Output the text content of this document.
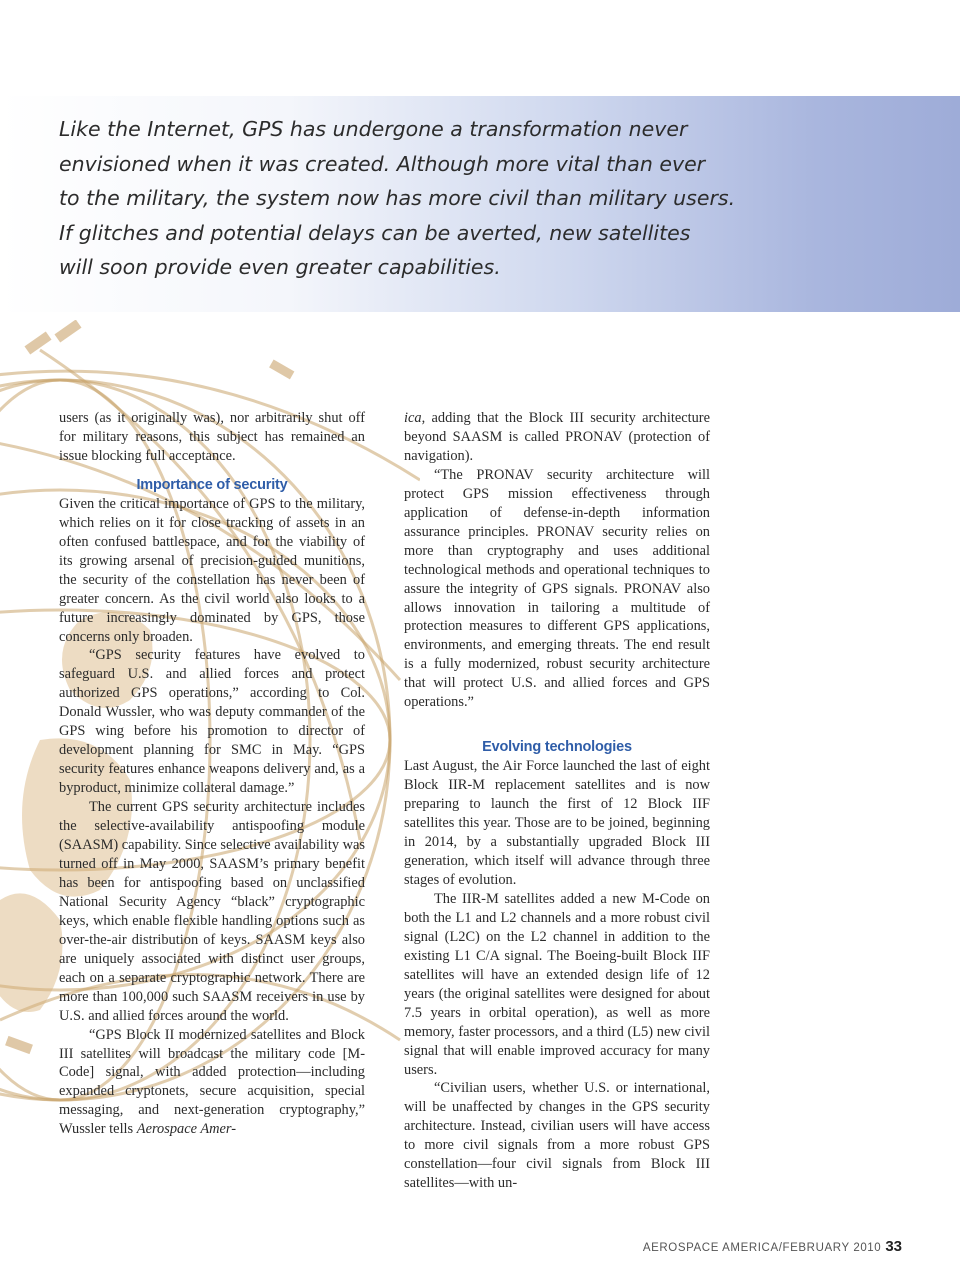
Like the Internet, GPS has undergone a transformation never
envisioned when it was created. Although more vital than ever
to the military, the system now has more civil than military users.
If glitches and potential delays can be averted, new satellites
will soon provide even greater capabilities.

users (as it originally was), nor arbitrarily shut off for military reasons, this subject has remained an issue blocking full acceptance.

Importance of security

Given the critical importance of GPS to the military, which relies on it for close tracking of assets in an often confused battlespace, and for the viability of its growing arsenal of precision-guided munitions, the security of the constellation has never been of greater concern. As the civil world also looks to a future increasingly dominated by GPS, those concerns only broaden.

“GPS security features have evolved to safeguard U.S. and allied forces and protect authorized GPS operations,” according to Col. Donald Wussler, who was deputy commander of the GPS wing before his promotion to director of development planning for SMC in May. “GPS security features enhance weapons delivery and, as a byproduct, minimize collateral damage.”

The current GPS security architecture includes the selective-availability antispoofing module (SAASM) capability. Since selective availability was turned off in May 2000, SAASM’s primary benefit has been for antispoofing based on unclassified National Security Agency “black” cryptographic keys, which enable flexible handling options such as over-the-air distribution of keys. SAASM keys also are uniquely associated with distinct user groups, each on a separate cryptographic network. There are more than 100,000 such SAASM receivers in use by U.S. and allied forces around the world.

“GPS Block II modernized satellites and Block III satellites will broadcast the military code [M-Code] signal, with added protection—including expanded cryptonets, secure acquisition, special messaging, and next-generation cryptography,” Wussler tells Aerospace Amer-

ica, adding that the Block III security architecture beyond SAASM is called PRONAV (protection of navigation).

“The PRONAV security architecture will protect GPS mission effectiveness through application of defense-in-depth information assurance principles. PRONAV security relies on more than cryptography and uses additional technological methods and operational techniques to assure the integrity of GPS signals. PRONAV also allows innovation in tailoring a multitude of protection measures to different GPS applications, environments, and emerging threats. The end result is a fully modernized, robust security architecture that will protect U.S. and allied forces and GPS operations.”

Evolving technologies

Last August, the Air Force launched the last of eight Block IIR-M replacement satellites and is now preparing to launch the first of 12 Block IIF satellites this year. Those are to be joined, beginning in 2014, by a substantially upgraded Block III generation, which itself will advance through three stages of evolution.

The IIR-M satellites added a new M-Code on both the L1 and L2 channels and a more robust civil signal (L2C) on the L2 channel in addition to the existing L1 C/A signal. The Boeing-built Block IIF satellites will have an extended design life of 12 years (the original satellites were designed for about 7.5 years in orbital operation), as well as more memory, faster processors, and a third (L5) new civil signal that will enable improved accuracy for many users.

“Civilian users, whether U.S. or international, will be unaffected by changes in the GPS security architecture. Instead, civilian users will have access to more civil signals from a more robust GPS constellation—four civil signals from Block III satellites—with un-

AEROSPACE AMERICA/FEBRUARY 2010 33
